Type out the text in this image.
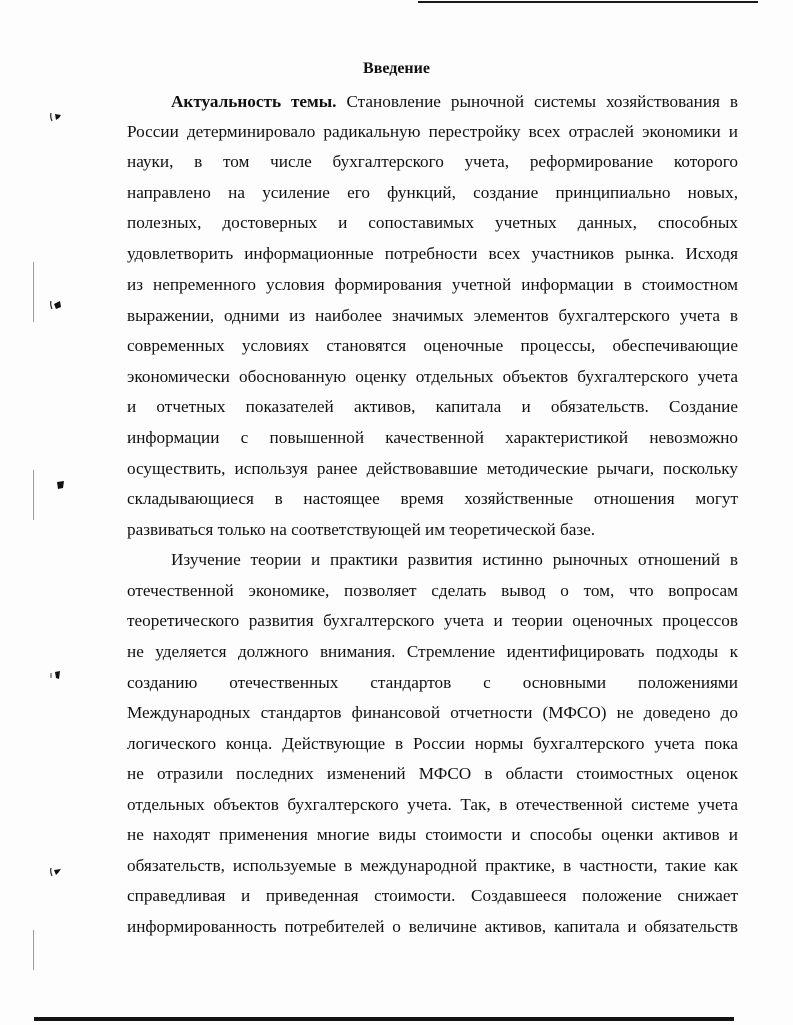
Введение
Актуальность темы. Становление рыночной системы хозяйствования в
России детерминировало радикальную перестройку всех отраслей экономики и
науки, в том числе бухгалтерского учета, реформирование которого
направлено на усиление его функций, создание принципиально новых,
полезных, достоверных и сопоставимых учетных данных, способных
удовлетворить информационные потребности всех участников рынка. Исходя
из непременного условия формирования учетной информации в стоимостном
выражении, одними из наиболее значимых элементов бухгалтерского учета в
современных условиях становятся оценочные процессы, обеспечивающие
экономически обоснованную оценку отдельных объектов бухгалтерского учета
и отчетных показателей активов, капитала и обязательств. Создание
информации с повышенной качественной характеристикой невозможно
осуществить, используя ранее действовавшие методические рычаги, поскольку
складывающиеся в настоящее время хозяйственные отношения могут
развиваться только на соответствующей им теоретической базе.
Изучение теории и практики развития истинно рыночных отношений в
отечественной экономике, позволяет сделать вывод о том, что вопросам
теоретического развития бухгалтерского учета и теории оценочных процессов
не уделяется должного внимания. Стремление идентифицировать подходы к
созданию отечественных стандартов с основными положениями
Международных стандартов финансовой отчетности (МФСО) не доведено до
логического конца. Действующие в России нормы бухгалтерского учета пока
не отразили последних изменений МФСО в области стоимостных оценок
отдельных объектов бухгалтерского учета. Так, в отечественной системе учета
не находят применения многие виды стоимости и способы оценки активов и
обязательств, используемые в международной практике, в частности, такие как
справедливая и приведенная стоимости. Создавшееся положение снижает
информированность потребителей о величине активов, капитала и обязательств
